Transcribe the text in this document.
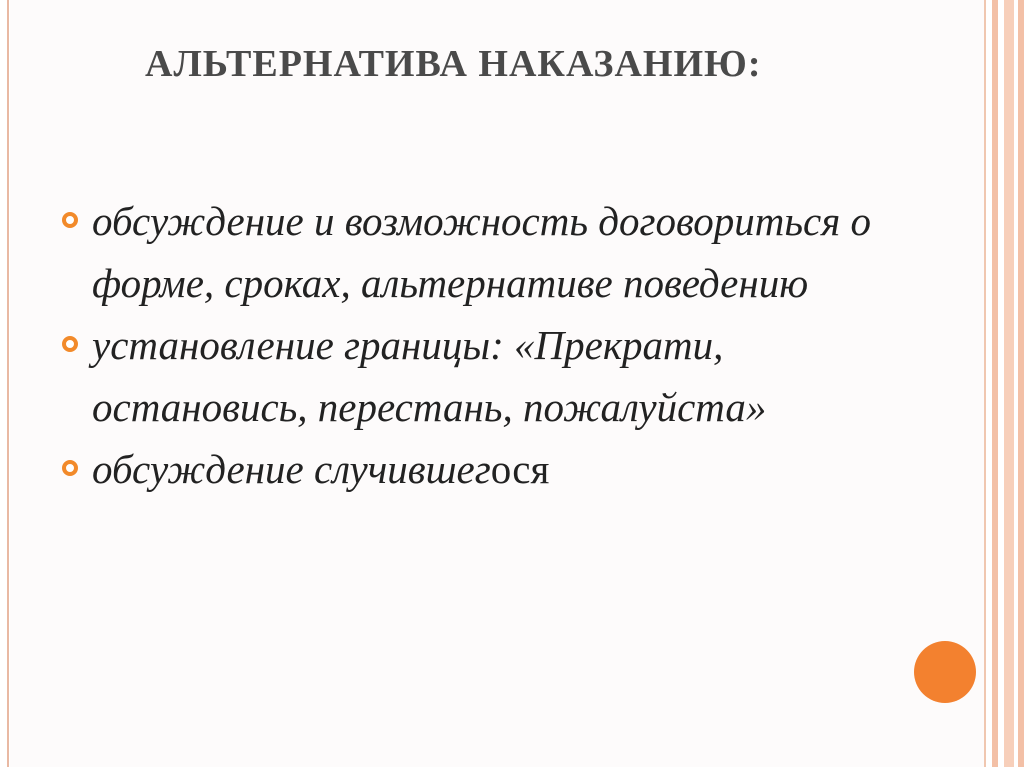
АЛЬТЕРНАТИВА НАКАЗАНИЮ:
обсуждение и возможность договориться о форме, сроках, альтернативе поведению
установление границы: «Прекрати, остановись, перестань, пожалуйста»
обсуждение случившегося
